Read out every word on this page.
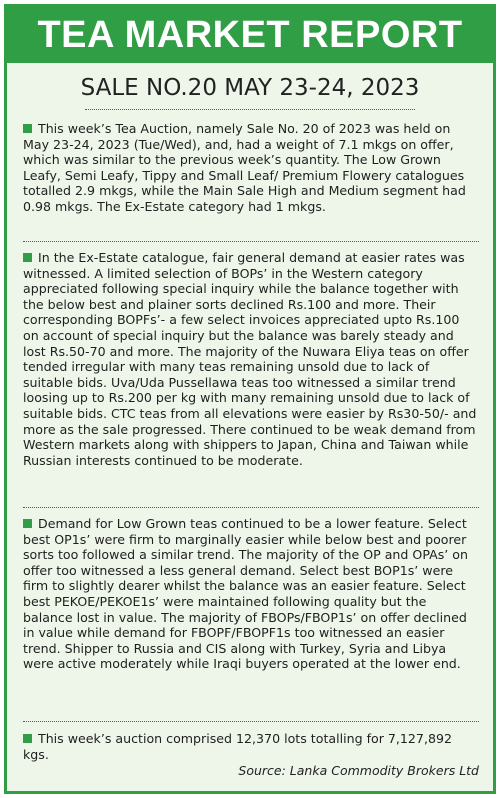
TEA MARKET REPORT
SALE NO.20 MAY 23-24, 2023
This week’s Tea Auction, namely Sale No. 20 of 2023 was held on May 23-24, 2023 (Tue/Wed), and, had a weight of 7.1 mkgs on offer, which was similar to the previous week’s quantity. The Low Grown Leafy, Semi Leafy, Tippy and Small Leaf/ Premium Flowery catalogues totalled 2.9 mkgs, while the Main Sale High and Medium segment had 0.98 mkgs. The Ex-Estate category had 1 mkgs.
In the Ex-Estate catalogue, fair general demand at easier rates was witnessed. A limited selection of BOPs’ in the Western category appreciated following special inquiry while the balance together with the below best and plainer sorts declined Rs.100 and more. Their corresponding BOPFs’- a few select invoices appreciated upto Rs.100 on account of special inquiry but the balance was barely steady and lost Rs.50-70 and more. The majority of the Nuwara Eliya teas on offer tended irregular with many teas remaining unsold due to lack of suitable bids. Uva/Uda Pussellawa teas too witnessed a similar trend loosing up to Rs.200 per kg with many remaining unsold due to lack of suitable bids. CTC teas from all elevations were easier by Rs30-50/- and more as the sale progressed. There continued to be weak demand from Western markets along with shippers to Japan, China and Taiwan while Russian interests continued to be moderate.
Demand for Low Grown teas continued to be a lower feature. Select best OP1s’ were firm to marginally easier while below best and poorer sorts too followed a similar trend. The majority of the OP and OPAs’ on offer too witnessed a less general demand. Select best BOP1s’ were firm to slightly dearer whilst the balance was an easier feature. Select best PEKOE/PEKOE1s’ were maintained following quality but the balance lost in value. The majority of FBOPs/FBOP1s’ on offer declined in value while demand for FBOPF/FBOPF1s too witnessed an easier trend. Shipper to Russia and CIS along with Turkey, Syria and Libya were active moderately while Iraqi buyers operated at the lower end.
This week’s auction comprised 12,370 lots totalling for 7,127,892 kgs.
Source: Lanka Commodity Brokers Ltd
